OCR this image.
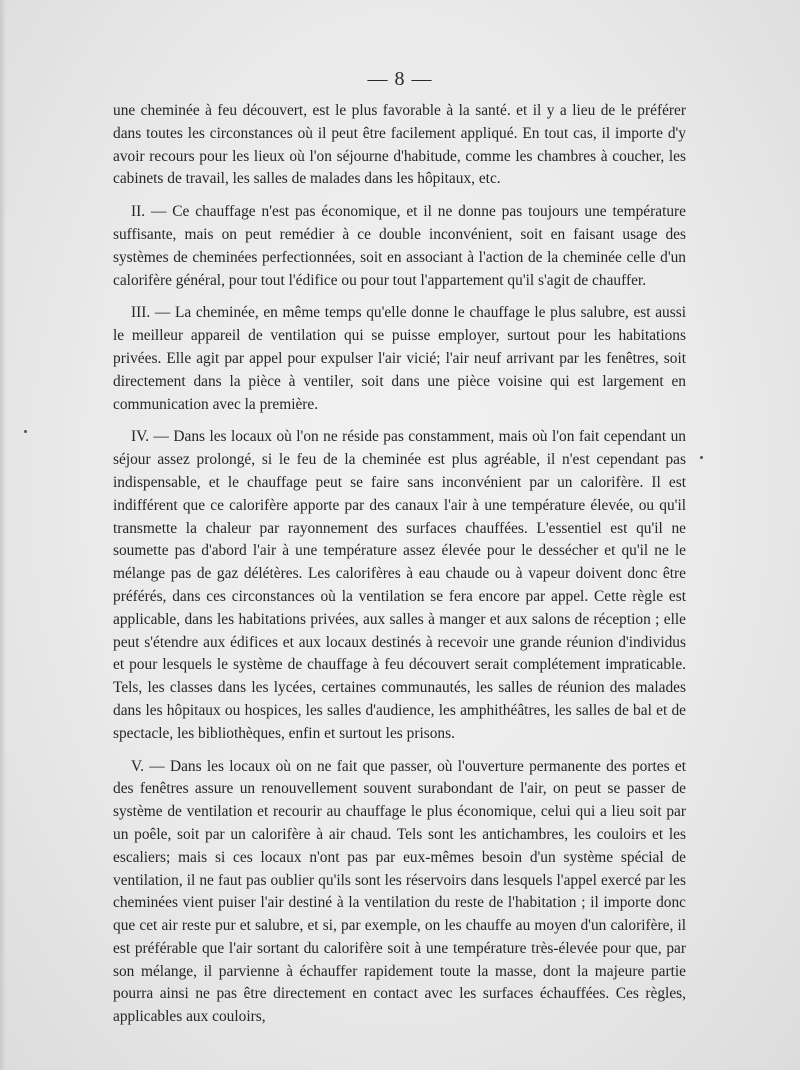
— 8 —

une cheminée à feu découvert, est le plus favorable à la santé. et il y a lieu de le préférer dans toutes les circonstances où il peut être facilement appliqué. En tout cas, il importe d'y avoir recours pour les lieux où l'on séjourne d'habitude, comme les chambres à coucher, les cabinets de travail, les salles de malades dans les hôpitaux, etc.

II. — Ce chauffage n'est pas économique, et il ne donne pas toujours une température suffisante, mais on peut remédier à ce double inconvénient, soit en faisant usage des systèmes de cheminées perfectionnées, soit en associant à l'action de la cheminée celle d'un calorifère général, pour tout l'édifice ou pour tout l'appartement qu'il s'agit de chauffer.

III. — La cheminée, en même temps qu'elle donne le chauffage le plus salubre, est aussi le meilleur appareil de ventilation qui se puisse employer, surtout pour les habitations privées. Elle agit par appel pour expulser l'air vicié; l'air neuf arrivant par les fenêtres, soit directement dans la pièce à ventiler, soit dans une pièce voisine qui est largement en communication avec la première.

IV. — Dans les locaux où l'on ne réside pas constamment, mais où l'on fait cependant un séjour assez prolongé, si le feu de la cheminée est plus agréable, il n'est cependant pas indispensable, et le chauffage peut se faire sans inconvénient par un calorifère. Il est indifférent que ce calorifère apporte par des canaux l'air à une température élevée, ou qu'il transmette la chaleur par rayonnement des surfaces chauffées. L'essentiel est qu'il ne soumette pas d'abord l'air à une température assez élevée pour le dessécher et qu'il ne le mélange pas de gaz délétères. Les calorifères à eau chaude ou à vapeur doivent donc être préférés, dans ces circonstances où la ventilation se fera encore par appel. Cette règle est applicable, dans les habitations privées, aux salles à manger et aux salons de réception ; elle peut s'étendre aux édifices et aux locaux destinés à recevoir une grande réunion d'individus et pour lesquels le système de chauffage à feu découvert serait complétement impraticable. Tels, les classes dans les lycées, certaines communautés, les salles de réunion des malades dans les hôpitaux ou hospices, les salles d'audience, les amphithéâtres, les salles de bal et de spectacle, les bibliothèques, enfin et surtout les prisons.

V. — Dans les locaux où on ne fait que passer, où l'ouverture permanente des portes et des fenêtres assure un renouvellement souvent surabondant de l'air, on peut se passer de système de ventilation et recourir au chauffage le plus économique, celui qui a lieu soit par un poêle, soit par un calorifère à air chaud. Tels sont les antichambres, les couloirs et les escaliers; mais si ces locaux n'ont pas par eux-mêmes besoin d'un système spécial de ventilation, il ne faut pas oublier qu'ils sont les réservoirs dans lesquels l'appel exercé par les cheminées vient puiser l'air destiné à la ventilation du reste de l'habitation ; il importe donc que cet air reste pur et salubre, et si, par exemple, on les chauffe au moyen d'un calorifère, il est préférable que l'air sortant du calorifère soit à une température très-élevée pour que, par son mélange, il parvienne à échauffer rapidement toute la masse, dont la majeure partie pourra ainsi ne pas être directement en contact avec les surfaces échauffées. Ces règles, applicables aux couloirs,
